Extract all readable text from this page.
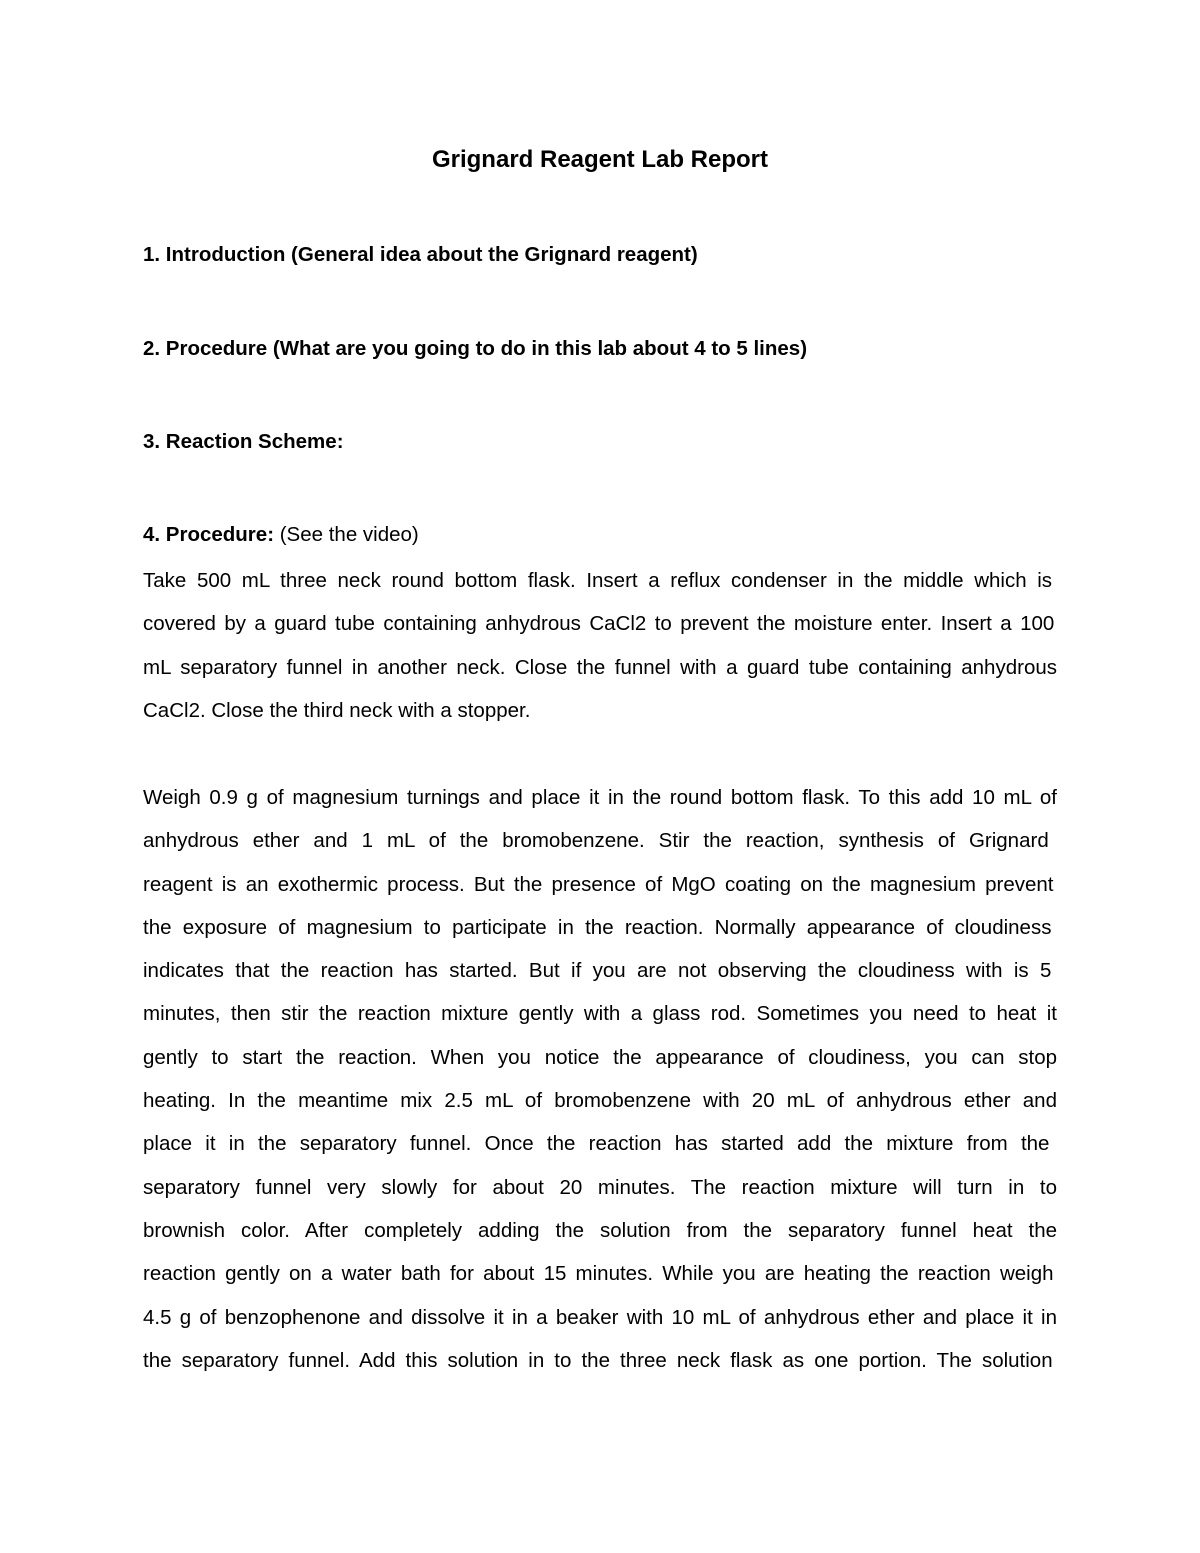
Grignard Reagent Lab Report
1. Introduction (General idea about the Grignard reagent)
2. Procedure (What are you going to do in this lab about 4 to 5 lines)
3. Reaction Scheme:
4. Procedure: (See the video)
Take 500 mL three neck round bottom flask. Insert a reflux condenser in the middle which is
covered by a guard tube containing anhydrous CaCl2 to prevent the moisture enter. Insert a 100
mL separatory funnel in another neck. Close the funnel with a guard tube containing anhydrous
CaCl2. Close the third neck with a stopper.
Weigh 0.9 g of magnesium turnings and place it in the round bottom flask. To this add 10 mL of
anhydrous ether and 1 mL of the bromobenzene. Stir the reaction, synthesis of Grignard
reagent is an exothermic process. But the presence of MgO coating on the magnesium prevent
the exposure of magnesium to participate in the reaction. Normally appearance of cloudiness
indicates that the reaction has started. But if you are not observing the cloudiness with is 5
minutes, then stir the reaction mixture gently with a glass rod. Sometimes you need to heat it
gently to start the reaction. When you notice the appearance of cloudiness, you can stop
heating. In the meantime mix 2.5 mL of bromobenzene with 20 mL of anhydrous ether and
place it in the separatory funnel. Once the reaction has started add the mixture from the
separatory funnel very slowly for about 20 minutes. The reaction mixture will turn in to
brownish color. After completely adding the solution from the separatory funnel heat the
reaction gently on a water bath for about 15 minutes. While you are heating the reaction weigh
4.5 g of benzophenone and dissolve it in a beaker with 10 mL of anhydrous ether and place it in
the separatory funnel. Add this solution in to the three neck flask as one portion. The solution
